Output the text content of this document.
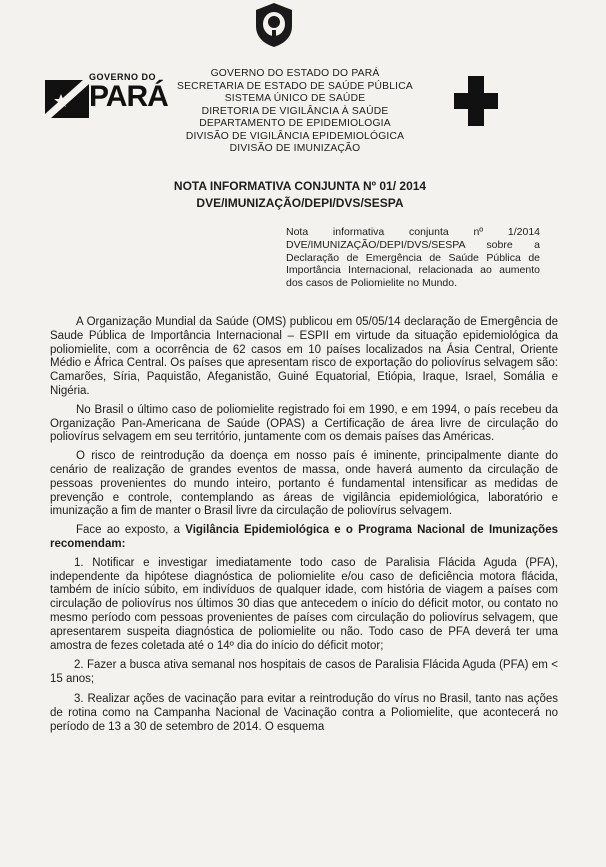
GOVERNO DO
PARÁ
GOVERNO DO ESTADO DO PARÁ
SECRETARIA DE ESTADO DE SAÚDE PÚBLICA
SISTEMA ÚNICO DE SAÚDE
DIRETORIA DE VIGILÂNCIA À SAÚDE
DEPARTAMENTO DE EPIDEMIOLOGIA
DIVISÃO DE VIGILÂNCIA EPIDEMIOLÓGICA
DIVISÃO DE IMUNIZAÇÃO
NOTA INFORMATIVA CONJUNTA Nº 01/ 2014
DVE/IMUNIZAÇÃO/DEPI/DVS/SESPA
Nota informativa conjunta nº 1/2014 DVE/IMUNIZAÇÃO/DEPI/DVS/SESPA sobre a Declaração de Emergência de Saúde Pública de Importância Internacional, relacionada ao aumento dos casos de Poliomielite no Mundo.

A Organização Mundial da Saúde (OMS) publicou em 05/05/14 declaração de Emergência de Saude Pública de Importância Internacional – ESPII em virtude da situação epidemiológica da poliomielite, com a ocorrência de 62 casos em 10 países localizados na Ásia Central, Oriente Médio e África Central. Os países que apresentam risco de exportação do poliovírus selvagem são: Camarões, Síria, Paquistão, Afeganistão, Guiné Equatorial, Etiópia, Iraque, Israel, Somália e Nigéria.

No Brasil o último caso de poliomielite registrado foi em 1990, e em 1994, o país recebeu da Organização Pan-Americana de Saúde (OPAS) a Certificação de área livre de circulação do poliovírus selvagem em seu território, juntamente com os demais países das Américas.

O risco de reintrodução da doença em nosso país é iminente, principalmente diante do cenário de realização de grandes eventos de massa, onde haverá aumento da circulação de pessoas provenientes do mundo inteiro, portanto é fundamental intensificar as medidas de prevenção e controle, contemplando as áreas de vigilância epidemiológica, laboratório e imunização a fim de manter o Brasil livre da circulação de poliovírus selvagem.

Face ao exposto, a Vigilância Epidemiológica e o Programa Nacional de Imunizações recomendam:

1. Notificar e investigar imediatamente todo caso de Paralisia Flácida Aguda (PFA), independente da hipótese diagnóstica de poliomielite e/ou caso de deficiência motora flácida, também de início súbito, em indivíduos de qualquer idade, com história de viagem a países com circulação de poliovírus nos últimos 30 dias que antecedem o início do déficit motor, ou contato no mesmo período com pessoas provenientes de países com circulação do poliovírus selvagem, que apresentarem suspeita diagnóstica de poliomielite ou não. Todo caso de PFA deverá ter uma amostra de fezes coletada até o 14º dia do início do déficit motor;

2. Fazer a busca ativa semanal nos hospitais de casos de Paralisia Flácida Aguda (PFA) em < 15 anos;

3. Realizar ações de vacinação para evitar a reintrodução do vírus no Brasil, tanto nas ações de rotina como na Campanha Nacional de Vacinação contra a Poliomielite, que acontecerá no período de 13 a 30 de setembro de 2014. O esquema
